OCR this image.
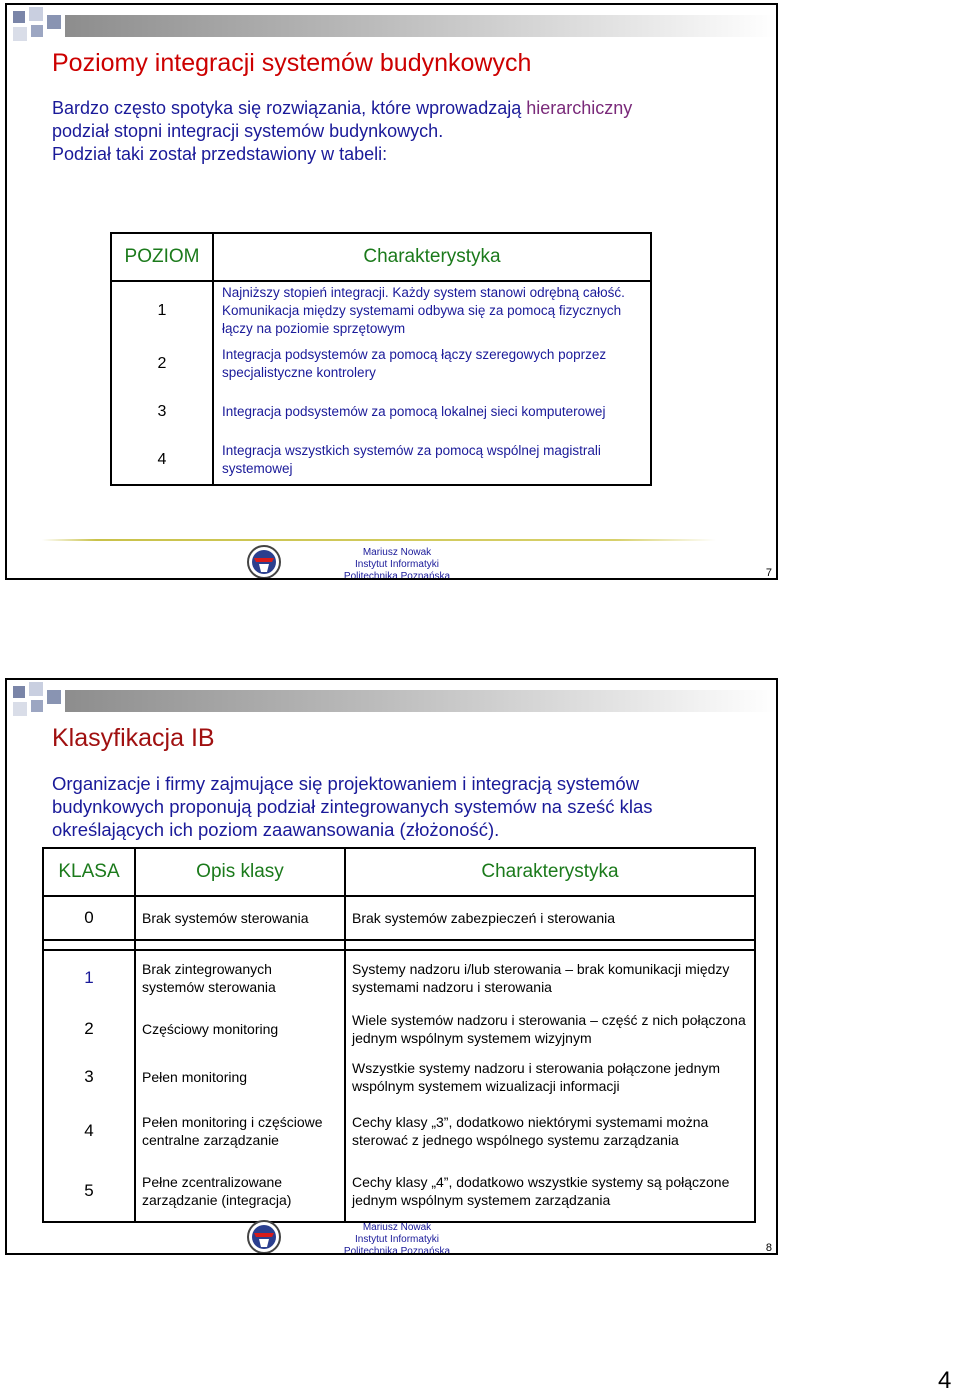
Poziomy integracji systemów budynkowych
Bardzo często spotyka się rozwiązania, które wprowadzają hierarchiczny
podział stopni integracji systemów budynkowych.
Podział taki został przedstawiony w tabeli:
POZIOM	Charakterystyka
1	Najniższy stopień integracji. Każdy system stanowi odrębną całość. Komunikacja między systemami odbywa się za pomocą fizycznych łączy na poziomie sprzętowym
2	Integracja podsystemów za pomocą łączy szeregowych poprzez specjalistyczne kontrolery
3	Integracja podsystemów za pomocą lokalnej sieci komputerowej
4	Integracja wszystkich systemów za pomocą wspólnej magistrali systemowej
Mariusz Nowak
Instytut Informatyki
Politechnika Poznańska	7
Klasyfikacja IB
Organizacje i firmy zajmujące się projektowaniem i integracją systemów budynkowych proponują podział zintegrowanych systemów na sześć klas określających ich poziom zaawansowania (złożoność).
KLASA	Opis klasy	Charakterystyka
0	Brak systemów sterowania	Brak systemów zabezpieczeń i sterowania

1	Brak zintegrowanych systemów sterowania	Systemy nadzoru i/lub sterowania – brak komunikacji między systemami nadzoru i sterowania
2	Częściowy monitoring	Wiele systemów nadzoru i sterowania – część z nich połączona jednym wspólnym systemem wizyjnym
3	Pełen monitoring	Wszystkie systemy nadzoru i sterowania połączone jednym wspólnym systemem wizualizacji informacji
4	Pełen monitoring i częściowe centralne zarządzanie	Cechy klasy „3”, dodatkowo niektórymi systemami można sterować z jednego wspólnego systemu zarządzania
5	Pełne zcentralizowane zarządzanie (integracja)	Cechy klasy „4”, dodatkowo wszystkie systemy są połączone jednym wspólnym systemem zarządzania
Mariusz Nowak
Instytut Informatyki
Politechnika Poznańska	8
4
